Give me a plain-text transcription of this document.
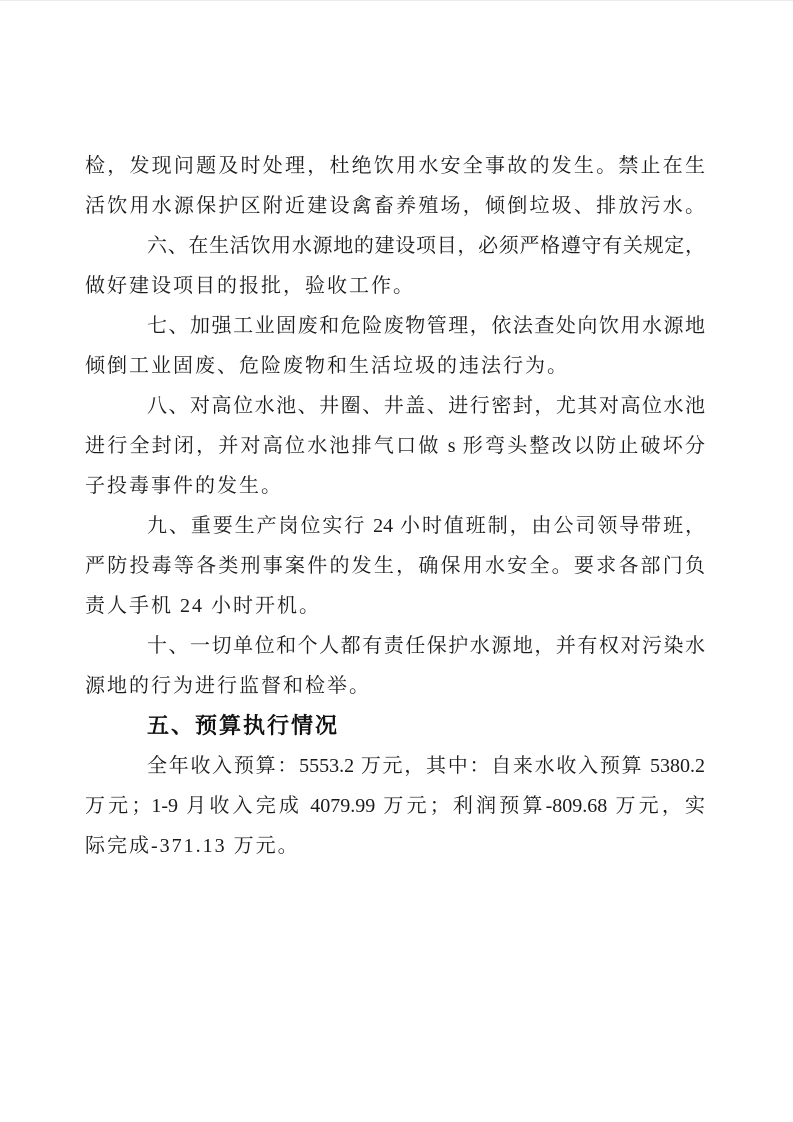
检，发现问题及时处理，杜绝饮用水安全事故的发生。禁止在生
活饮用水源保护区附近建设禽畜养殖场，倾倒垃圾、排放污水。
六、在生活饮用水源地的建设项目，必须严格遵守有关规定，
做好建设项目的报批，验收工作。
七、加强工业固废和危险废物管理，依法查处向饮用水源地
倾倒工业固废、危险废物和生活垃圾的违法行为。
八、对高位水池、井圈、井盖、进行密封，尤其对高位水池
进行全封闭，并对高位水池排气口做 s 形弯头整改以防止破坏分
子投毒事件的发生。
九、重要生产岗位实行 24 小时值班制，由公司领导带班，
严防投毒等各类刑事案件的发生，确保用水安全。要求各部门负
责人手机 24 小时开机。
十、一切单位和个人都有责任保护水源地，并有权对污染水
源地的行为进行监督和检举。
五、预算执行情况
全年收入预算：5553.2 万元，其中：自来水收入预算 5380.2
万元；1-9 月收入完成 4079.99 万元；利润预算-809.68 万元，实
际完成-371.13 万元。
